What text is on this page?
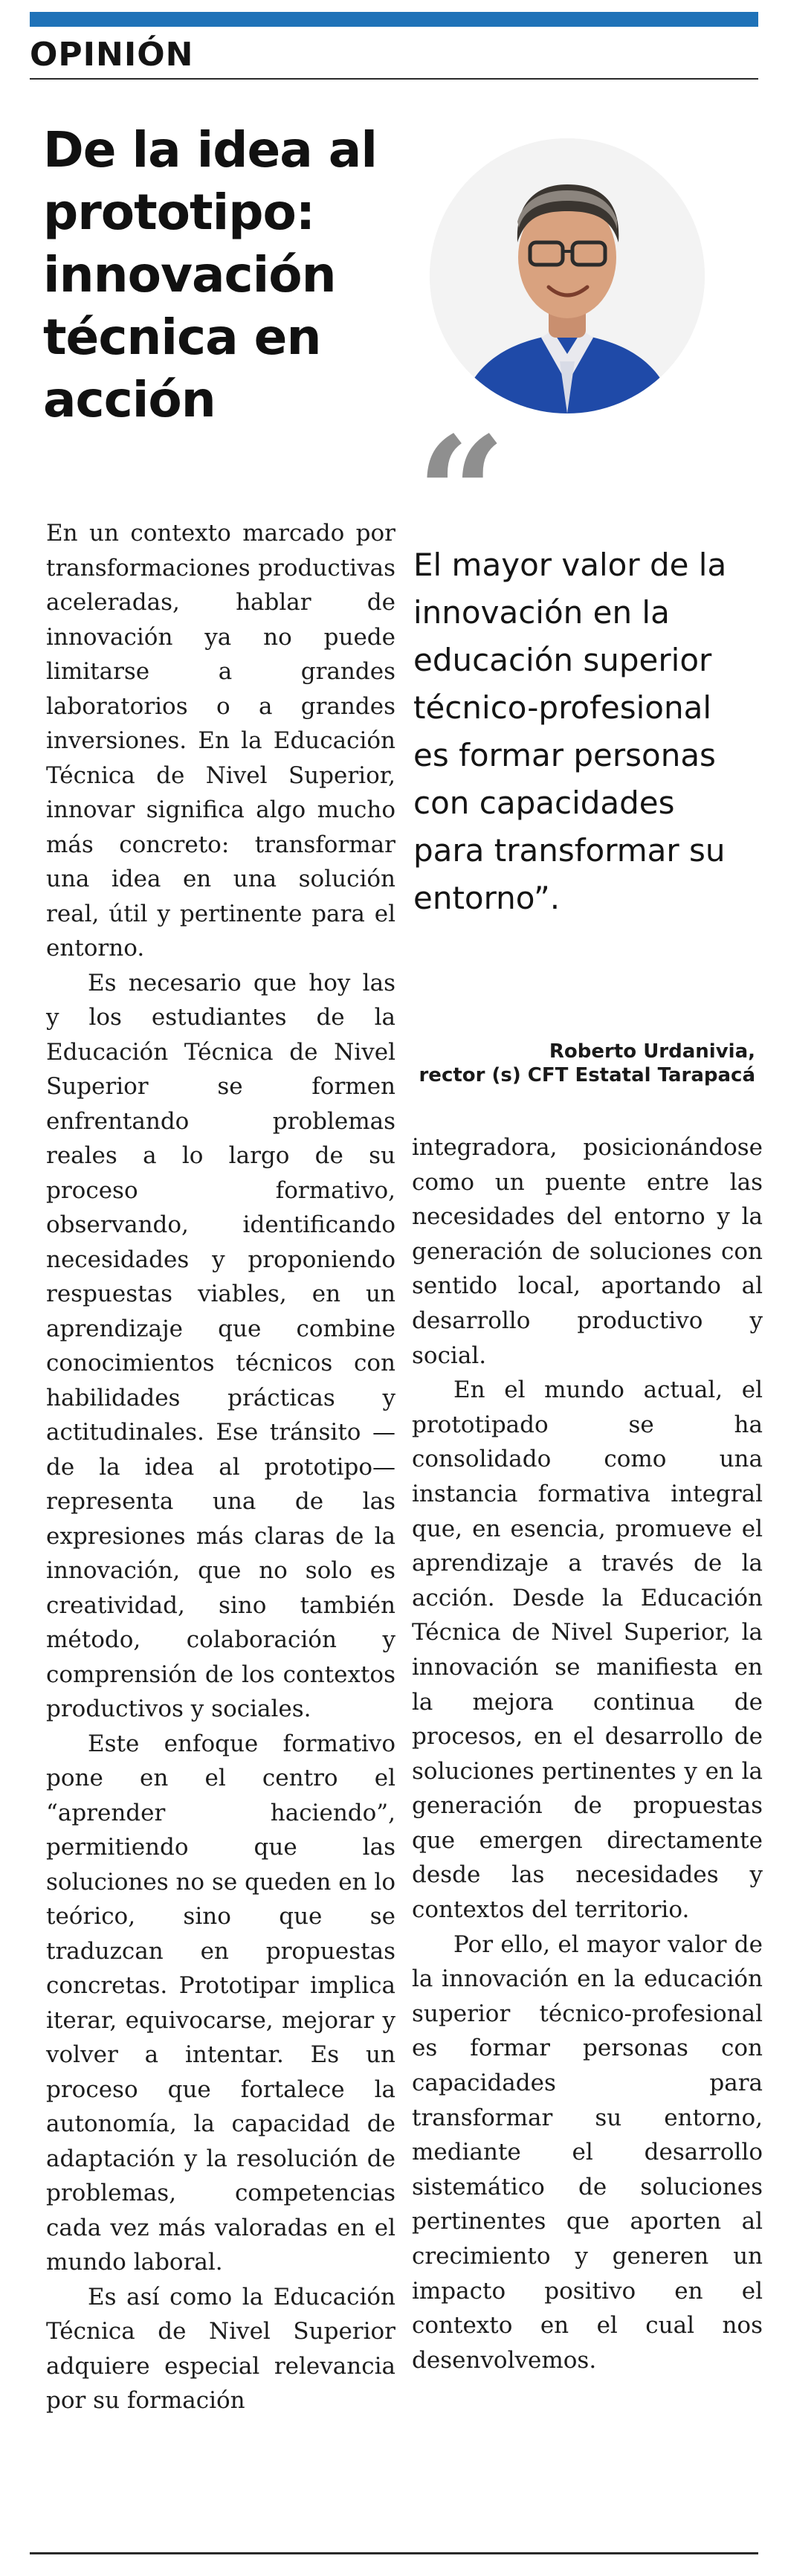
OPINIÓN
De la idea al prototipo: innovación técnica en acción
“

El mayor valor de la innovación en la educación superior técnico-profesional es formar personas con capacidades para transformar su entorno”.

Roberto Urdanivia,
rector (s) CFT Estatal Tarapacá

En un contexto marcado por transformaciones productivas aceleradas, hablar de innovación ya no puede limitarse a grandes laboratorios o a grandes inversiones. En la Educación Técnica de Nivel Superior, innovar significa algo mucho más concreto: transformar una idea en una solución real, útil y pertinente para el entorno.

Es necesario que hoy las y los estudiantes de la Educación Técnica de Nivel Superior se formen enfrentando problemas reales a lo largo de su proceso formativo, observando, identificando necesidades y proponiendo respuestas viables, en un aprendizaje que combine conocimientos técnicos con habilidades prácticas y actitudinales. Ese tránsito —de la idea al prototipo— representa una de las expresiones más claras de la innovación, que no solo es creatividad, sino también método, colaboración y comprensión de los contextos productivos y sociales.

Este enfoque formativo pone en el centro el “aprender haciendo”, permitiendo que las soluciones no se queden en lo teórico, sino que se traduzcan en propuestas concretas. Prototipar implica iterar, equivocarse, mejorar y volver a intentar. Es un proceso que fortalece la autonomía, la capacidad de adaptación y la resolución de problemas, competencias cada vez más valoradas en el mundo laboral.

Es así como la Educación Técnica de Nivel Superior adquiere especial relevancia por su formación

integradora, posicionándose como un puente entre las necesidades del entorno y la generación de soluciones con sentido local, aportando al desarrollo productivo y social.

En el mundo actual, el prototipado se ha consolidado como una instancia formativa integral que, en esencia, promueve el aprendizaje a través de la acción. Desde la Educación Técnica de Nivel Superior, la innovación se manifiesta en la mejora continua de procesos, en el desarrollo de soluciones pertinentes y en la generación de propuestas que emergen directamente desde las necesidades y contextos del territorio.

Por ello, el mayor valor de la innovación en la educación superior técnico-profesional es formar personas con capacidades para transformar su entorno, mediante el desarrollo sistemático de soluciones pertinentes que aporten al crecimiento y generen un impacto positivo en el contexto en el cual nos desenvolvemos.
